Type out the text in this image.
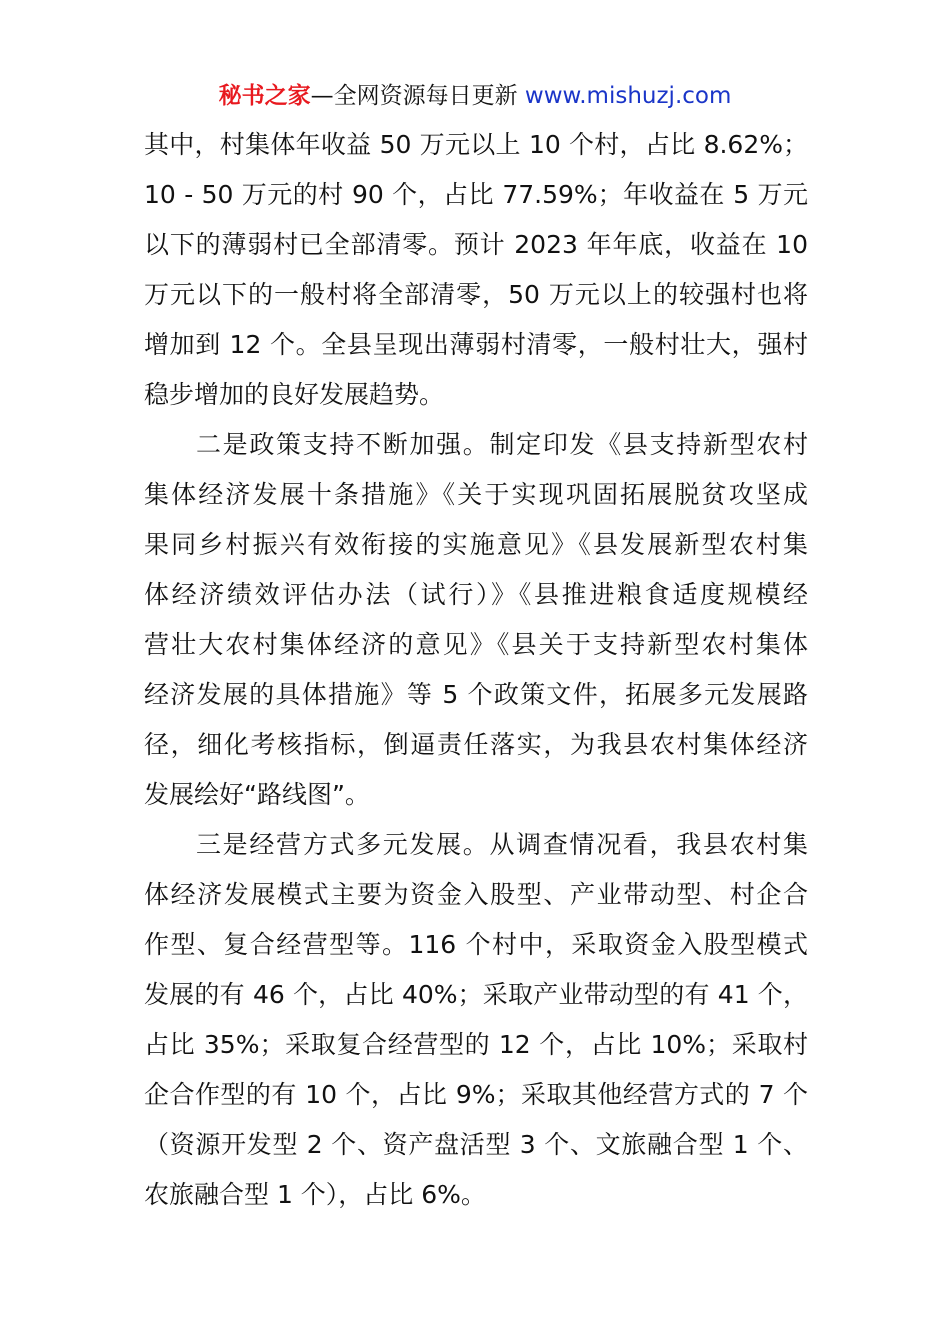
秘书之家—全网资源每日更新 www.mishuzj.com
其中，村集体年收益 50 万元以上 10 个村，占比 8.62%；
10 - 50 万元的村 90 个，占比 77.59%；年收益在 5 万元
以下的薄弱村已全部清零。预计 2023 年年底，收益在 10
万元以下的一般村将全部清零，50 万元以上的较强村也将
增加到 12 个。全县呈现出薄弱村清零，一般村壮大，强村
稳步增加的良好发展趋势。
二是政策支持不断加强。制定印发《县支持新型农村
集体经济发展十条措施》《关于实现巩固拓展脱贫攻坚成
果同乡村振兴有效衔接的实施意见》《县发展新型农村集
体经济绩效评估办法（试行）》《县推进粮食适度规模经
营壮大农村集体经济的意见》《县关于支持新型农村集体
经济发展的具体措施》等 5 个政策文件，拓展多元发展路
径，细化考核指标，倒逼责任落实，为我县农村集体经济
发展绘好“路线图”。
三是经营方式多元发展。从调查情况看，我县农村集
体经济发展模式主要为资金入股型、产业带动型、村企合
作型、复合经营型等。116 个村中，采取资金入股型模式
发展的有 46 个，占比 40%；采取产业带动型的有 41 个，
占比 35%；采取复合经营型的 12 个，占比 10%；采取村
企合作型的有 10 个，占比 9%；采取其他经营方式的 7 个
（资源开发型 2 个、资产盘活型 3 个、文旅融合型 1 个、
农旅融合型 1 个），占比 6%。
